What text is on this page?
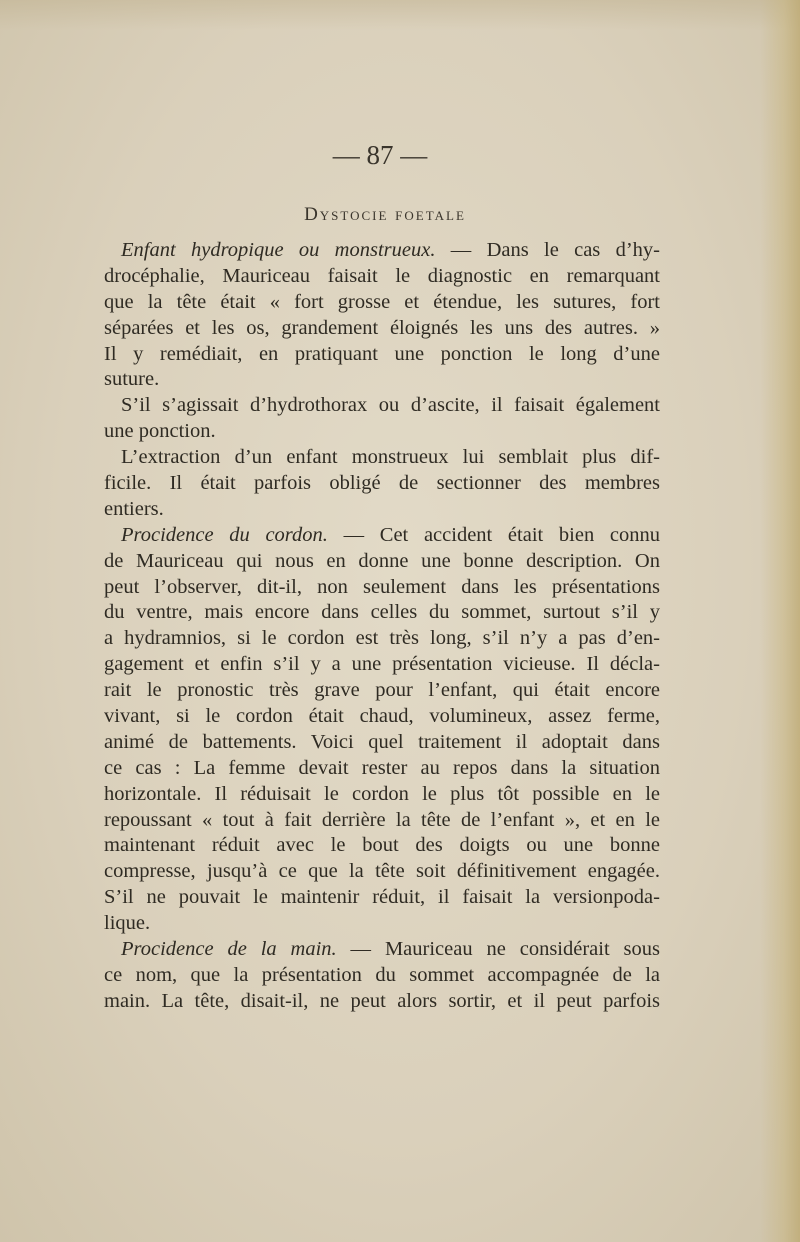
— 87 —
Dystocie foetale
Enfant hydropique ou monstrueux. — Dans le cas d’hy-
drocéphalie, Mauriceau faisait le diagnostic en remarquant
que la tête était « fort grosse et étendue, les sutures, fort
séparées et les os, grandement éloignés les uns des autres. »
Il y remédiait, en pratiquant une ponction le long d’une
suture.
S’il s’agissait d’hydrothorax ou d’ascite, il faisait également
une ponction.
L’extraction d’un enfant monstrueux lui semblait plus dif-
ficile. Il était parfois obligé de sectionner des membres
entiers.
Procidence du cordon. — Cet accident était bien connu
de Mauriceau qui nous en donne une bonne description. On
peut l’observer, dit-il, non seulement dans les présentations
du ventre, mais encore dans celles du sommet, surtout s’il y
a hydramnios, si le cordon est très long, s’il n’y a pas d’en-
gagement et enfin s’il y a une présentation vicieuse. Il décla-
rait le pronostic très grave pour l’enfant, qui était encore
vivant, si le cordon était chaud, volumineux, assez ferme,
animé de battements. Voici quel traitement il adoptait dans
ce cas : La femme devait rester au repos dans la situation
horizontale. Il réduisait le cordon le plus tôt possible en le
repoussant « tout à fait derrière la tête de l’enfant », et en le
maintenant réduit avec le bout des doigts ou une bonne
compresse, jusqu’à ce que la tête soit définitivement engagée.
S’il ne pouvait le maintenir réduit, il faisait la versionpoda-
lique.
Procidence de la main. — Mauriceau ne considérait sous
ce nom, que la présentation du sommet accompagnée de la
main. La tête, disait-il, ne peut alors sortir, et il peut parfois
